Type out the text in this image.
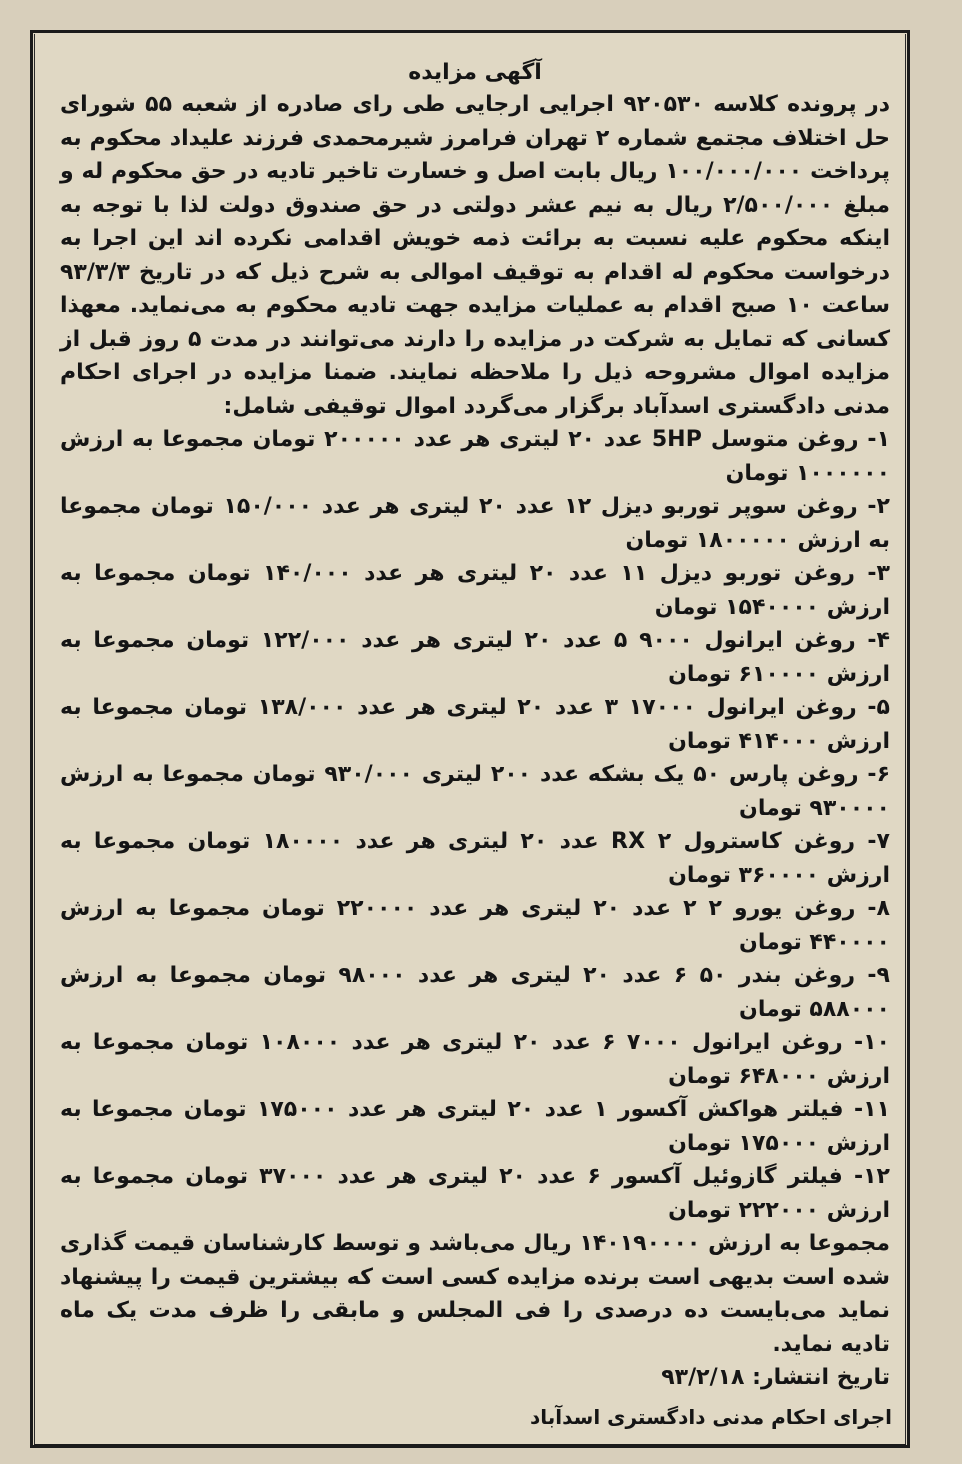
آگهی مزایده

در پرونده کلاسه ۹۲۰۵۳۰ اجرایی ارجایی طی رای صادره از شعبه ۵۵ شورای حل اختلاف مجتمع شماره ۲ تهران فرامرز شیرمحمدی فرزند علیداد محکوم به پرداخت ۱۰۰/۰۰۰/۰۰۰ ریال بابت اصل و خسارت تاخیر تادیه در حق محکوم له و مبلغ ۲/۵۰۰/۰۰۰ ریال به نیم عشر دولتی در حق صندوق دولت لذا با توجه به اینکه محکوم علیه نسبت به برائت ذمه خویش اقدامی نکرده اند این اجرا به درخواست محکوم له اقدام به توقیف اموالی به شرح ذیل که در تاریخ ۹۳/۳/۳ ساعت ۱۰ صبح اقدام به عملیات مزایده جهت تادیه محکوم به می‌نماید. معهذا کسانی که تمایل به شرکت در مزایده را دارند می‌توانند در مدت ۵ روز قبل از مزایده اموال مشروحه ذیل را ملاحظه نمایند. ضمنا مزایده در اجرای احکام مدنی دادگستری اسدآباد برگزار می‌گردد اموال توقیفی شامل:

۱- روغن متوسل 5HP عدد ۲۰ لیتری هر عدد ۲۰۰۰۰۰ تومان مجموعا به ارزش ۱۰۰۰۰۰۰ تومان
۲- روغن سوپر توربو دیزل ۱۲ عدد ۲۰ لیتری هر عدد ۱۵۰/۰۰۰ تومان مجموعا به ارزش ۱۸۰۰۰۰۰ تومان
۳- روغن توربو دیزل ۱۱ عدد ۲۰ لیتری هر عدد ۱۴۰/۰۰۰ تومان مجموعا به ارزش ۱۵۴۰۰۰۰ تومان
۴- روغن ایرانول ۹۰۰۰ ۵ عدد ۲۰ لیتری هر عدد ۱۲۲/۰۰۰ تومان مجموعا به ارزش ۶۱۰۰۰۰ تومان
۵- روغن ایرانول ۱۷۰۰۰ ۳ عدد ۲۰ لیتری هر عدد ۱۳۸/۰۰۰ تومان مجموعا به ارزش ۴۱۴۰۰۰ تومان
۶- روغن پارس ۵۰ یک بشکه عدد ۲۰۰ لیتری ۹۳۰/۰۰۰ تومان مجموعا به ارزش ۹۳۰۰۰۰ تومان
۷- روغن کاسترول RX ۲ عدد ۲۰ لیتری هر عدد ۱۸۰۰۰۰ تومان مجموعا به ارزش ۳۶۰۰۰۰ تومان
۸- روغن یورو ۲ ۲ عدد ۲۰ لیتری هر عدد ۲۲۰۰۰۰ تومان مجموعا به ارزش ۴۴۰۰۰۰ تومان
۹- روغن بندر ۵۰ ۶ عدد ۲۰ لیتری هر عدد ۹۸۰۰۰ تومان مجموعا به ارزش ۵۸۸۰۰۰ تومان
۱۰- روغن ایرانول ۷۰۰۰ ۶ عدد ۲۰ لیتری هر عدد ۱۰۸۰۰۰ تومان مجموعا به ارزش ۶۴۸۰۰۰ تومان
۱۱- فیلتر هواکش آکسور ۱ عدد ۲۰ لیتری هر عدد ۱۷۵۰۰۰ تومان مجموعا به ارزش ۱۷۵۰۰۰ تومان
۱۲- فیلتر گازوئیل آکسور ۶ عدد ۲۰ لیتری هر عدد ۳۷۰۰۰ تومان مجموعا به ارزش ۲۲۲۰۰۰ تومان

مجموعا به ارزش ۱۴۰۱۹۰۰۰۰ ریال می‌باشد و توسط کارشناسان قیمت گذاری شده است بدیهی است برنده مزایده کسی است که بیشترین قیمت را پیشنهاد نماید می‌بایست ده درصدی را فی المجلس و مابقی را ظرف مدت یک ماه تادیه نماید.

تاریخ انتشار: ۹۳/۲/۱۸

اجرای احکام مدنی دادگستری اسدآباد
